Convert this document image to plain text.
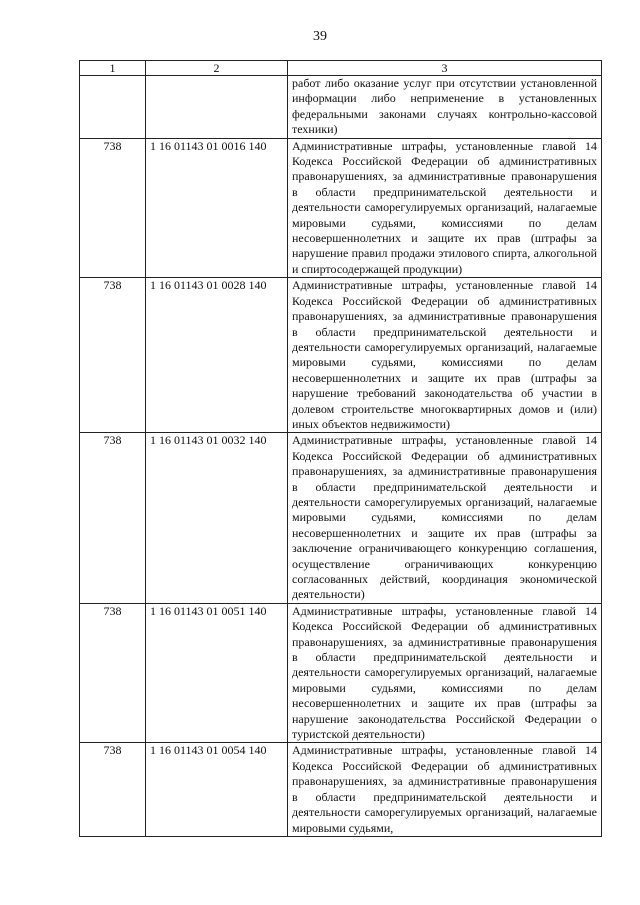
39
1	2	3
		работ либо оказание услуг при отсутствии установленной информации либо неприменение в установленных федеральными законами случаях контрольно-кассовой техники)
738	1 16 01143 01 0016 140	Административные штрафы, установленные главой 14 Кодекса Российской Федерации об административных правонарушениях, за административные правонарушения в области предпринимательской деятельности и деятельности саморегулируемых организаций, налагаемые мировыми судьями, комиссиями по делам несовершеннолетних и защите их прав (штрафы за нарушение правил продажи этилового спирта, алкогольной и спиртосодержащей продукции)
738	1 16 01143 01 0028 140	Административные штрафы, установленные главой 14 Кодекса Российской Федерации об административных правонарушениях, за административные правонарушения в области предпринимательской деятельности и деятельности саморегулируемых организаций, налагаемые мировыми судьями, комиссиями по делам несовершеннолетних и защите их прав (штрафы за нарушение требований законодательства об участии в долевом строительстве многоквартирных домов и (или) иных объектов недвижимости)
738	1 16 01143 01 0032 140	Административные штрафы, установленные главой 14 Кодекса Российской Федерации об административных правонарушениях, за административные правонарушения в области предпринимательской деятельности и деятельности саморегулируемых организаций, налагаемые мировыми судьями, комиссиями по делам несовершеннолетних и защите их прав (штрафы за заключение ограничивающего конкуренцию соглашения, осуществление ограничивающих конкуренцию согласованных действий, координация экономической деятельности)
738	1 16 01143 01 0051 140	Административные штрафы, установленные главой 14 Кодекса Российской Федерации об административных правонарушениях, за административные правонарушения в области предпринимательской деятельности и деятельности саморегулируемых организаций, налагаемые мировыми судьями, комиссиями по делам несовершеннолетних и защите их прав (штрафы за нарушение законодательства Российской Федерации о туристской деятельности)
738	1 16 01143 01 0054 140	Административные штрафы, установленные главой 14 Кодекса Российской Федерации об административных правонарушениях, за административные правонарушения в области предпринимательской деятельности и деятельности саморегулируемых организаций, налагаемые мировыми судьями,
